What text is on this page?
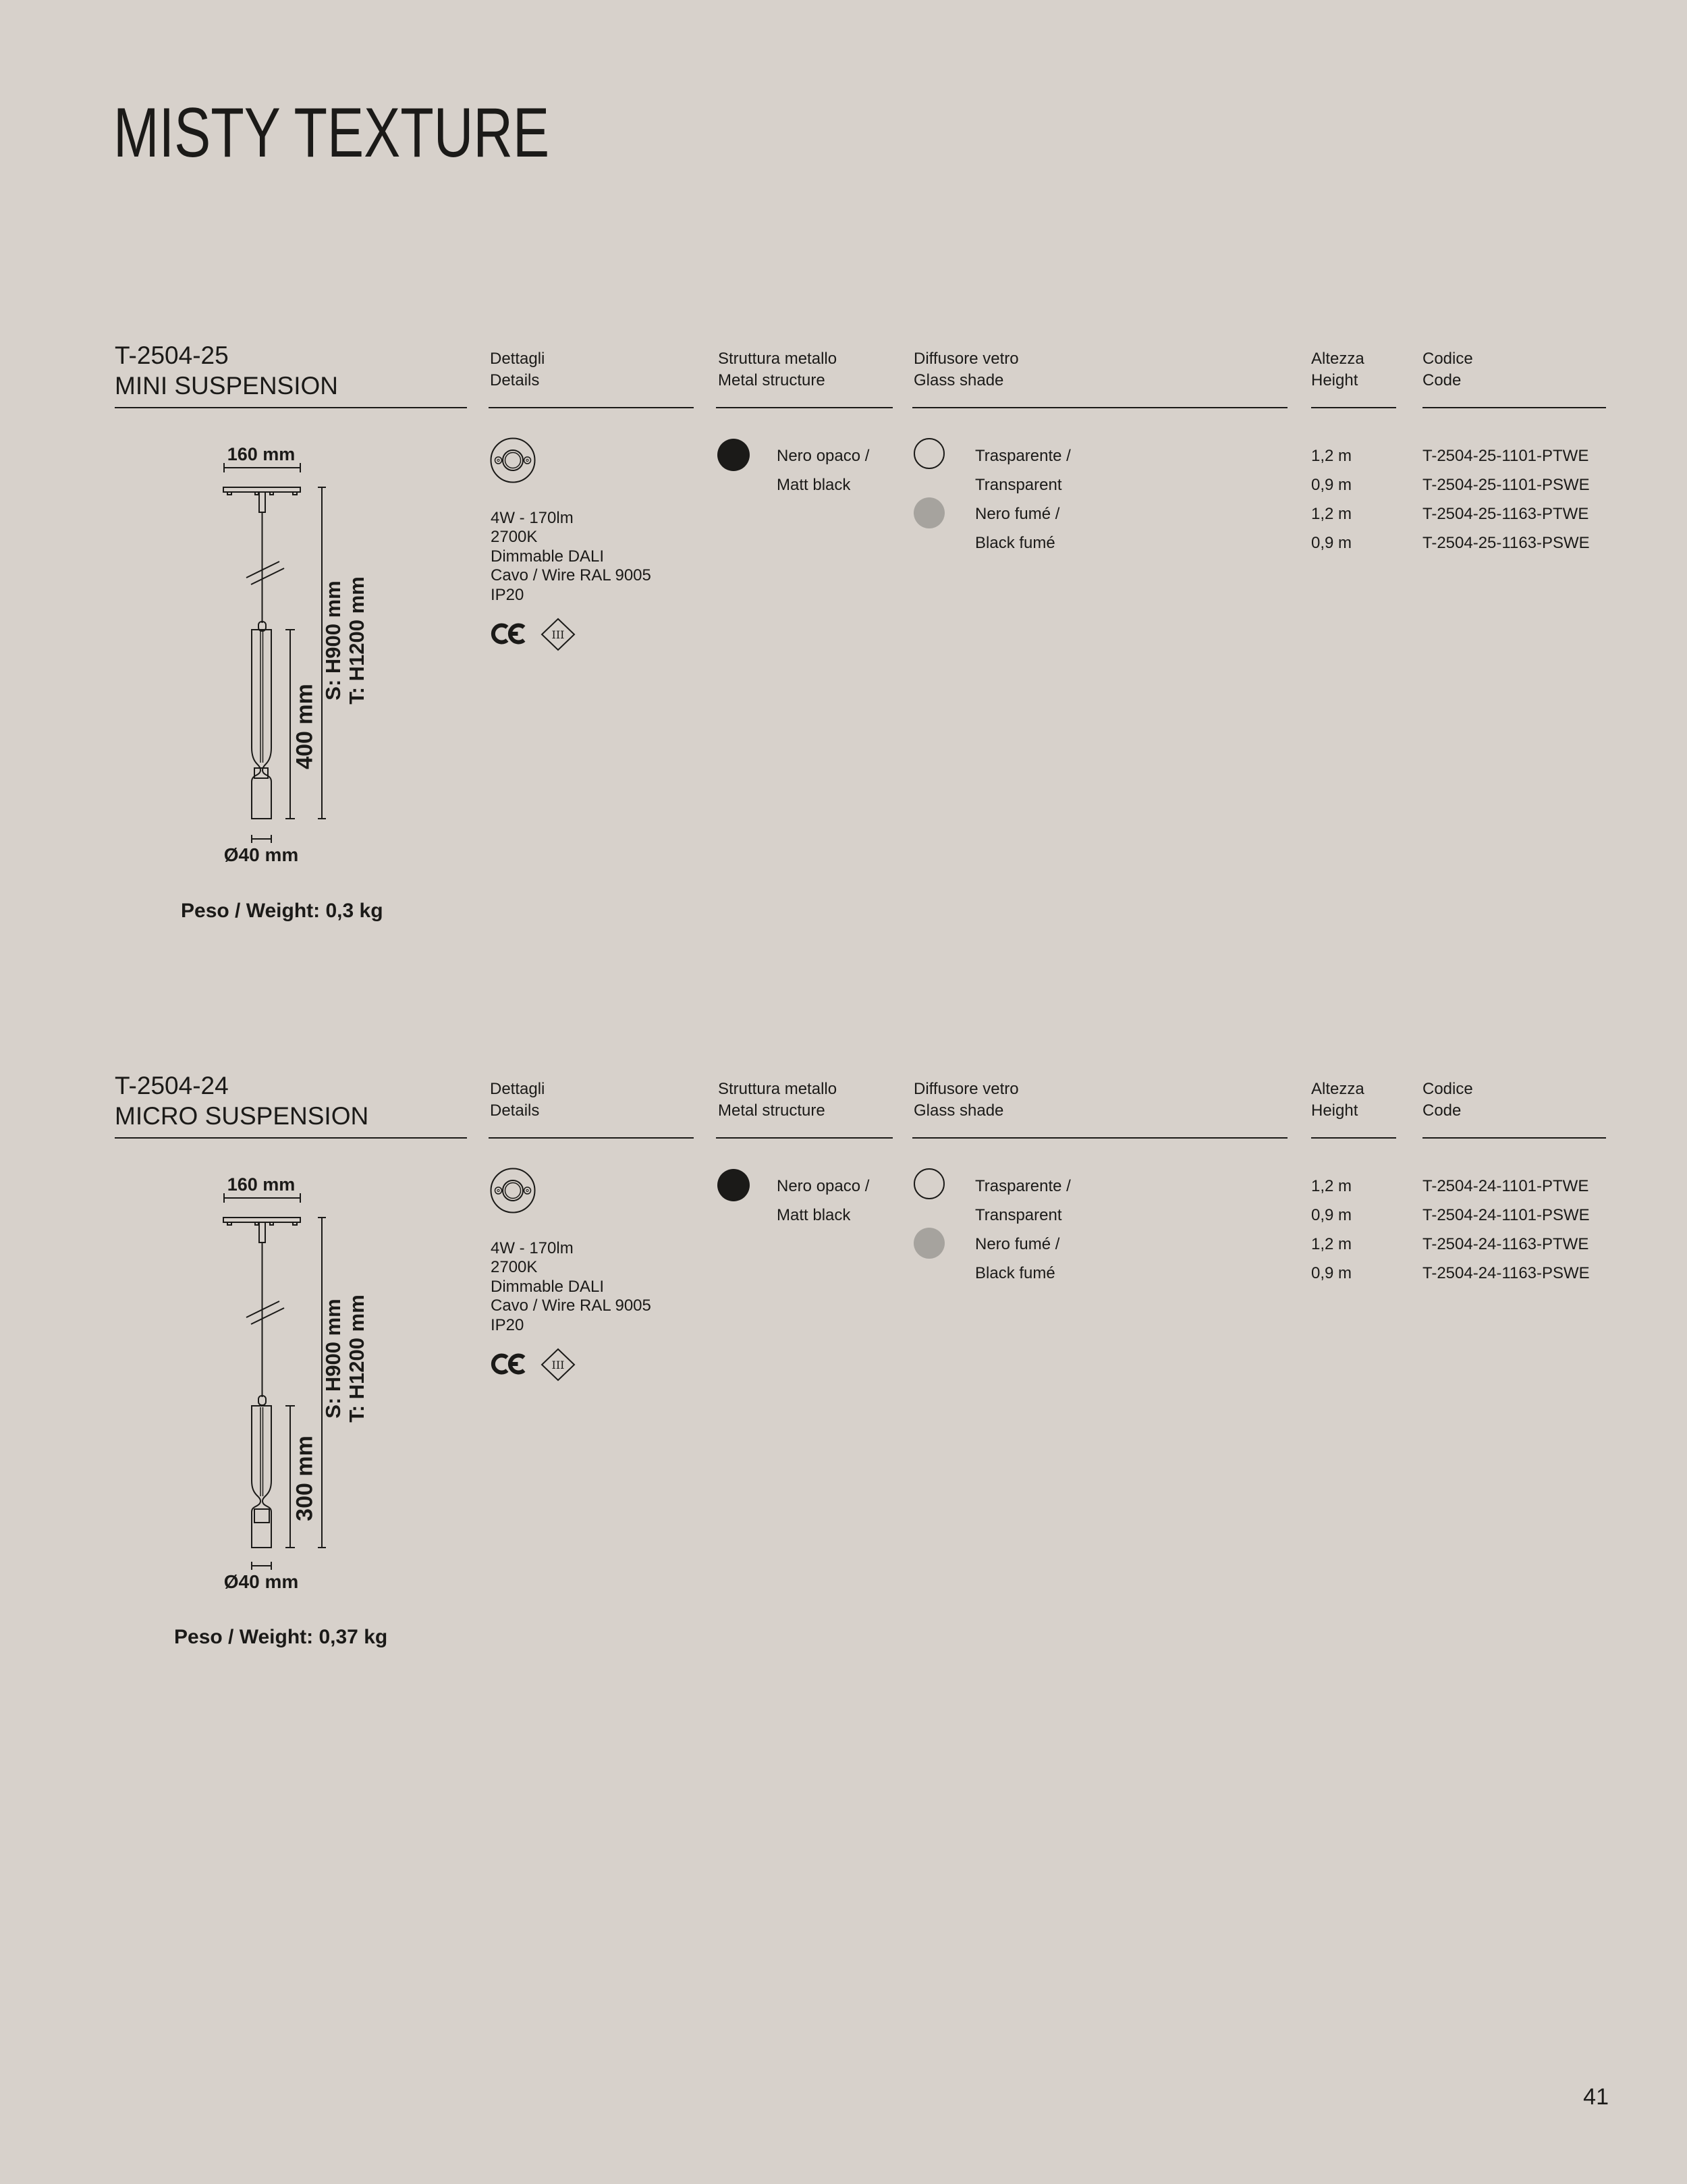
MISTY TEXTURE
T-2504-25
MINI SUSPENSION
Dettagli
Details
Struttura metallo
Metal structure
Diffusore vetro
Glass shade
Altezza
Height
Codice
Code
4W - 170lm
2700K
Dimmable DALI
Cavo / Wire RAL 9005
IP20
III
Nero opaco /
Matt black
Trasparente /
Transparent
Nero fumé /
Black fumé
1,2 m
0,9 m
1,2 m
0,9 m
T-2504-25-1101-PTWE
T-2504-25-1101-PSWE
T-2504-25-1163-PTWE
T-2504-25-1163-PSWE
160 mm
400 mm
S: H900 mm T: H1200 mm
Ø40 mm
Peso / Weight: 0,3 kg
T-2504-24
MICRO SUSPENSION
Dettagli
Details
Struttura metallo
Metal structure
Diffusore vetro
Glass shade
Altezza
Height
Codice
Code
4W - 170lm
2700K
Dimmable DALI
Cavo / Wire RAL 9005
IP20
III
Nero opaco /
Matt black
Trasparente /
Transparent
Nero fumé /
Black fumé
1,2 m
0,9 m
1,2 m
0,9 m
T-2504-24-1101-PTWE
T-2504-24-1101-PSWE
T-2504-24-1163-PTWE
T-2504-24-1163-PSWE
160 mm
300 mm
S: H900 mm T: H1200 mm
Ø40 mm
Peso / Weight: 0,37 kg
41
